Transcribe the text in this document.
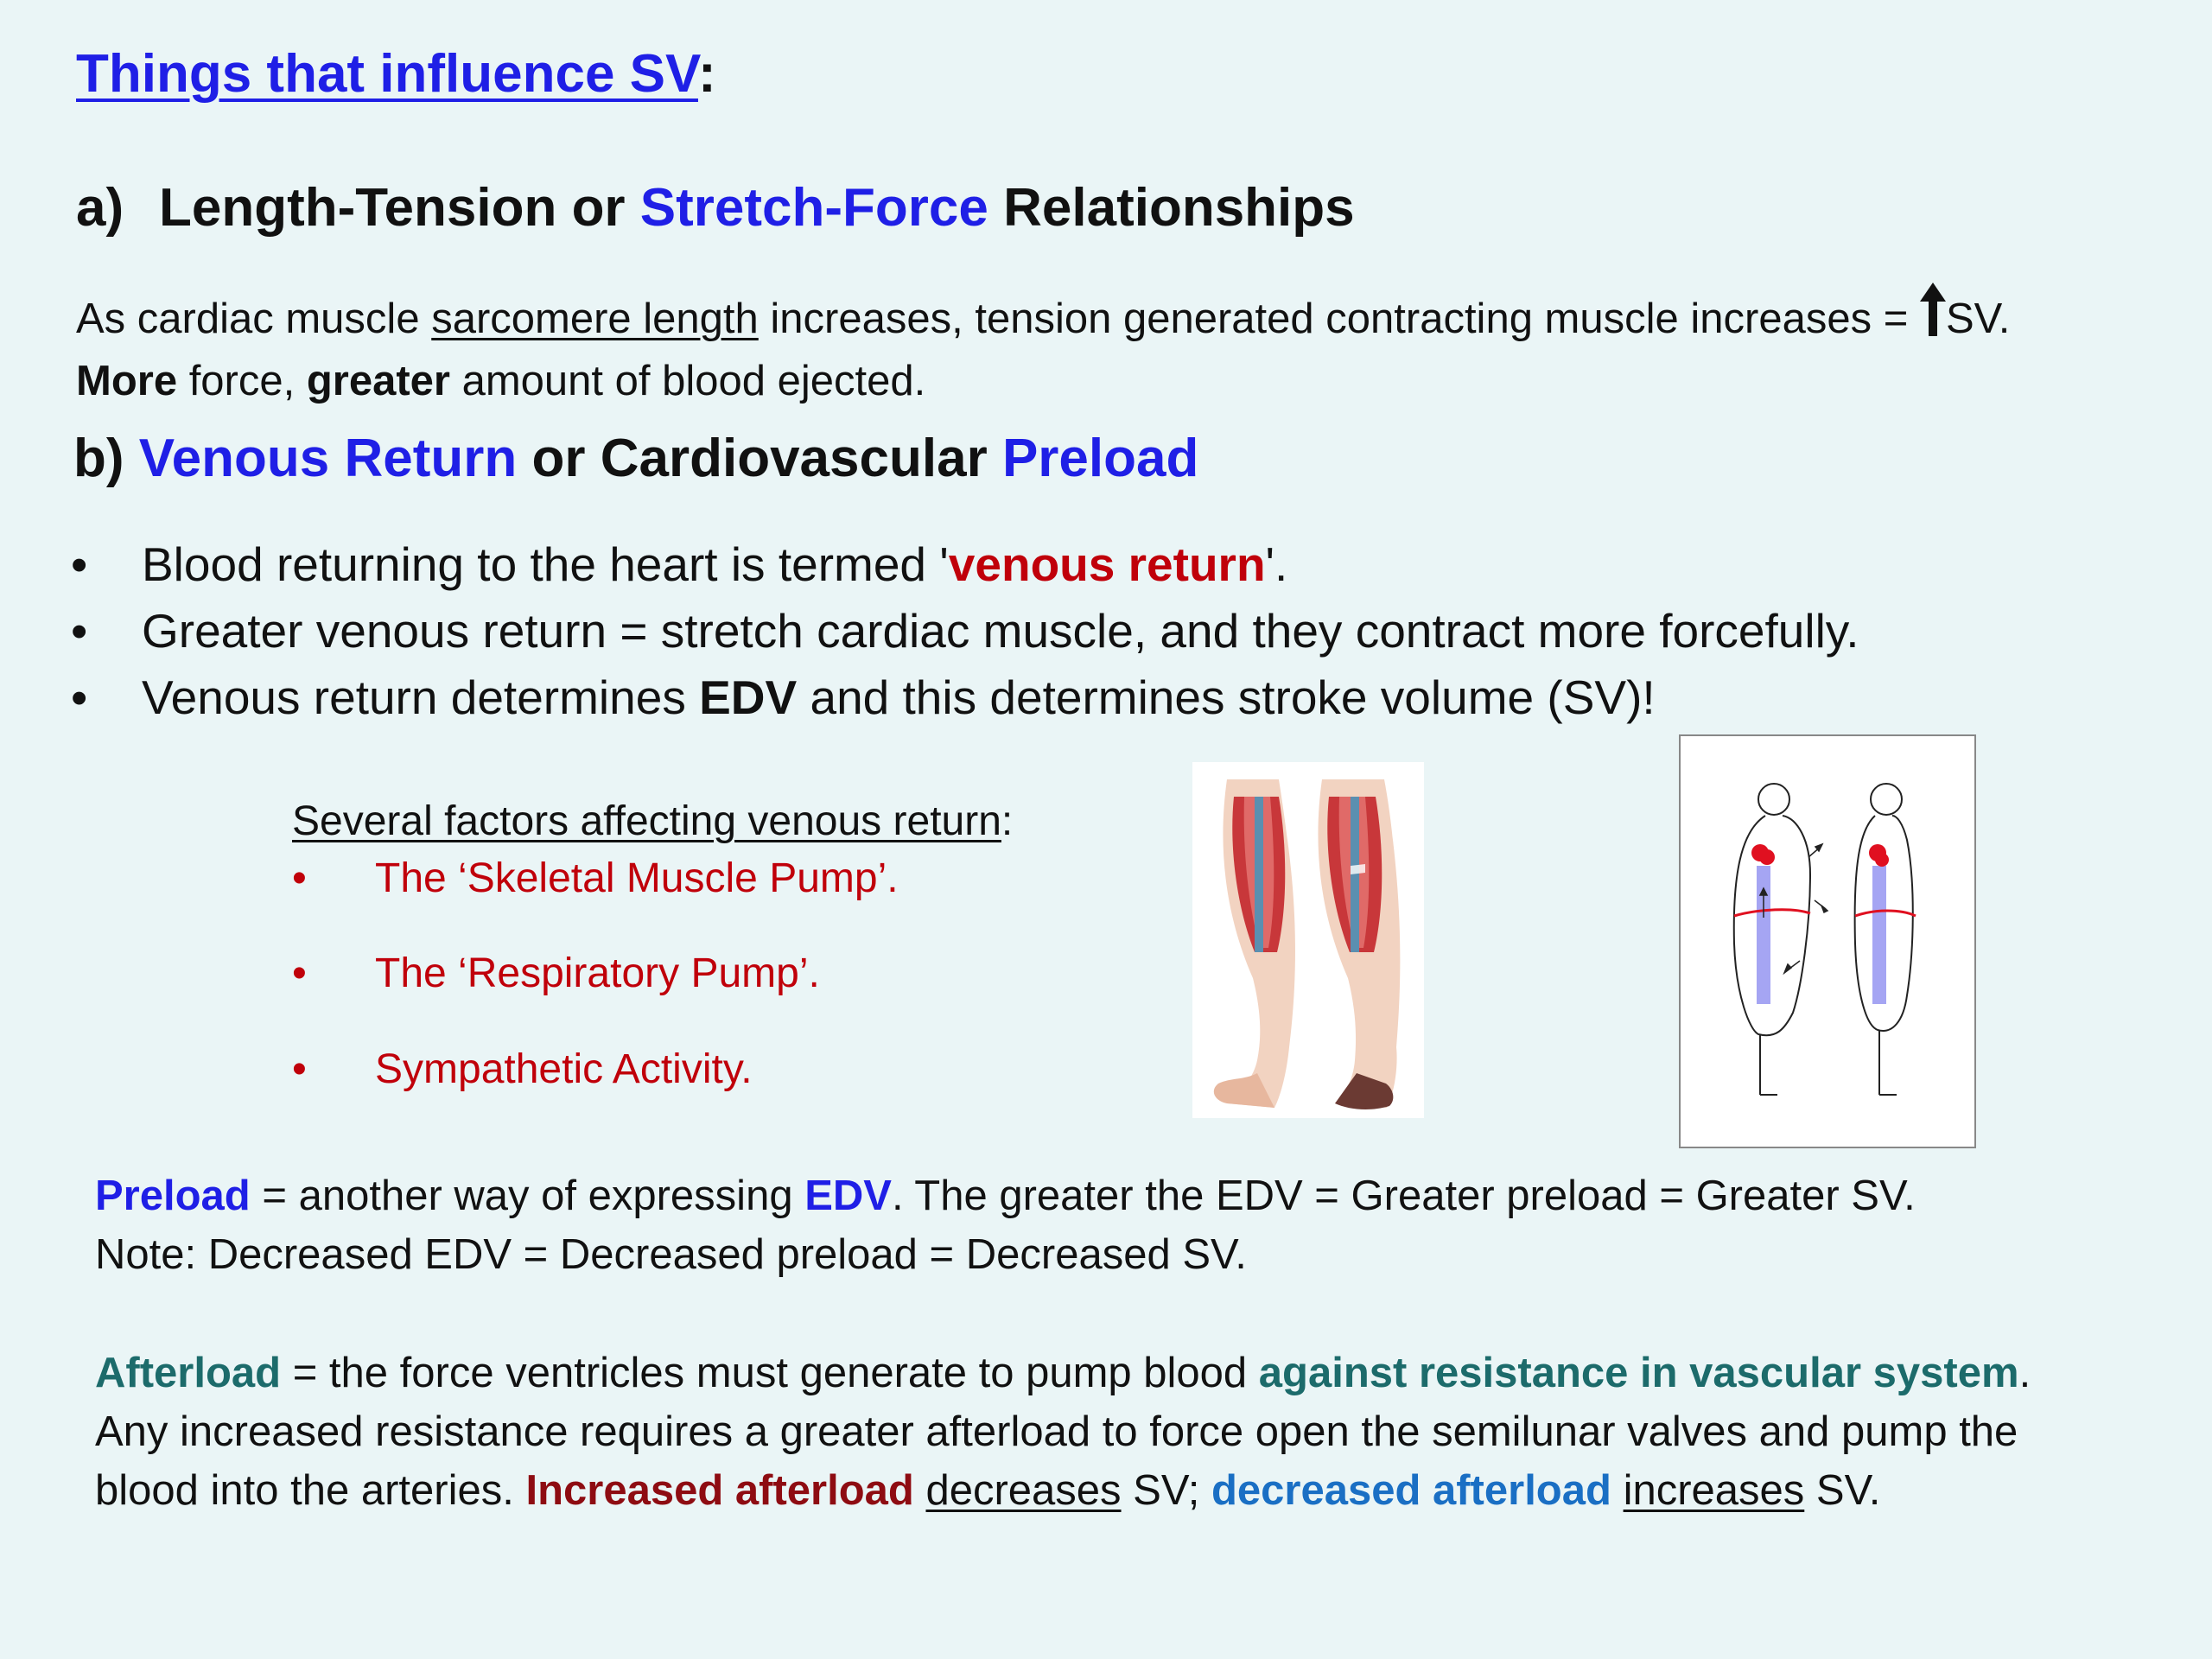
Things that influence SV:
a) Length-Tension or Stretch-Force Relationships
As cardiac muscle sarcomere length increases, tension generated contracting muscle increases = SV.
More force, greater amount of blood ejected.
b) Venous Return or Cardiovascular Preload
•	Blood returning to the heart is termed 'venous return'.
•	Greater venous return = stretch cardiac muscle, and they contract more forcefully.
•	Venous return determines EDV and this determines stroke volume (SV)!
Several factors affecting venous return:
•	The ‘Skeletal Muscle Pump’.
•	The ‘Respiratory Pump’.
•	Sympathetic Activity.
Preload = another way of expressing EDV. The greater the EDV = Greater preload = Greater SV.
Note: Decreased EDV = Decreased preload = Decreased SV.
Afterload = the force ventricles must generate to pump blood against resistance in vascular system.
Any increased resistance requires a greater afterload to force open the semilunar valves and pump the
blood into the arteries. Increased afterload decreases SV; decreased afterload increases SV.
